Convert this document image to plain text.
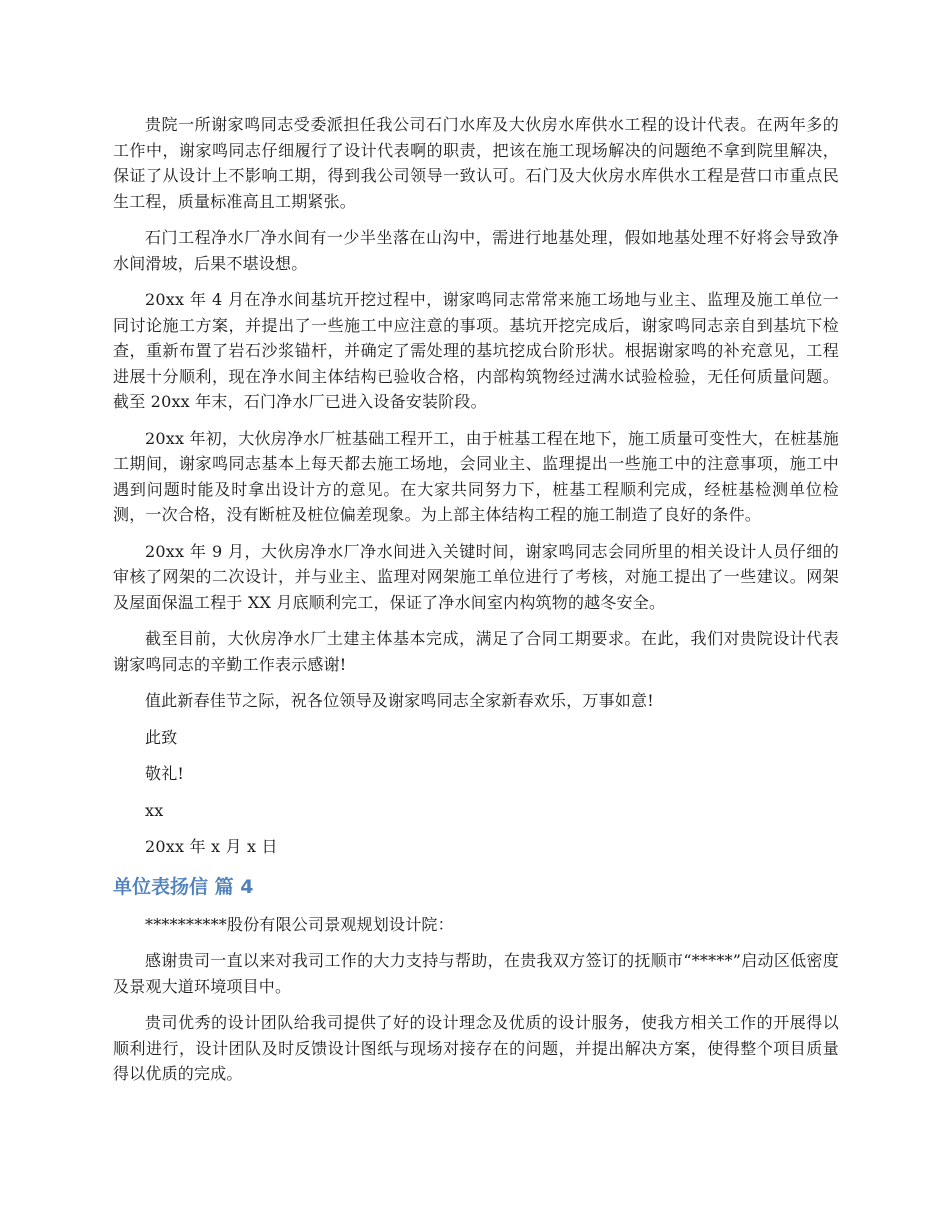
贵院一所谢家鸣同志受委派担任我公司石门水库及大伙房水库供水工程的设计代表。在两年多的工作中，谢家鸣同志仔细履行了设计代表啊的职责，把该在施工现场解决的问题绝不拿到院里解决，保证了从设计上不影响工期，得到我公司领导一致认可。石门及大伙房水库供水工程是营口市重点民生工程，质量标准高且工期紧张。

石门工程净水厂净水间有一少半坐落在山沟中，需进行地基处理，假如地基处理不好将会导致净水间滑坡，后果不堪设想。

20xx 年 4 月在净水间基坑开挖过程中，谢家鸣同志常常来施工场地与业主、监理及施工单位一同讨论施工方案，并提出了一些施工中应注意的事项。基坑开挖完成后，谢家鸣同志亲自到基坑下检查，重新布置了岩石沙浆锚杆，并确定了需处理的基坑挖成台阶形状。根据谢家鸣的补充意见，工程进展十分顺利，现在净水间主体结构已验收合格，内部构筑物经过满水试验检验，无任何质量问题。截至 20xx 年末，石门净水厂已进入设备安装阶段。

20xx 年初，大伙房净水厂桩基础工程开工，由于桩基工程在地下，施工质量可变性大，在桩基施工期间，谢家鸣同志基本上每天都去施工场地，会同业主、监理提出一些施工中的注意事项，施工中遇到问题时能及时拿出设计方的意见。在大家共同努力下，桩基工程顺利完成，经桩基检测单位检测，一次合格，没有断桩及桩位偏差现象。为上部主体结构工程的施工制造了良好的条件。

20xx 年 9 月，大伙房净水厂净水间进入关键时间，谢家鸣同志会同所里的相关设计人员仔细的审核了网架的二次设计，并与业主、监理对网架施工单位进行了考核，对施工提出了一些建议。网架及屋面保温工程于 XX 月底顺利完工，保证了净水间室内构筑物的越冬安全。

截至目前，大伙房净水厂土建主体基本完成，满足了合同工期要求。在此，我们对贵院设计代表谢家鸣同志的辛勤工作表示感谢!

值此新春佳节之际，祝各位领导及谢家鸣同志全家新春欢乐，万事如意!

此致

敬礼!

xx

20xx 年 x 月 x 日

单位表扬信 篇 4

**********股份有限公司景观规划设计院：

感谢贵司一直以来对我司工作的大力支持与帮助，在贵我双方签订的抚顺市“*****”启动区低密度及景观大道环境项目中。

贵司优秀的设计团队给我司提供了好的设计理念及优质的设计服务，使我方相关工作的开展得以顺利进行，设计团队及时反馈设计图纸与现场对接存在的问题，并提出解决方案，使得整个项目质量得以优质的完成。
